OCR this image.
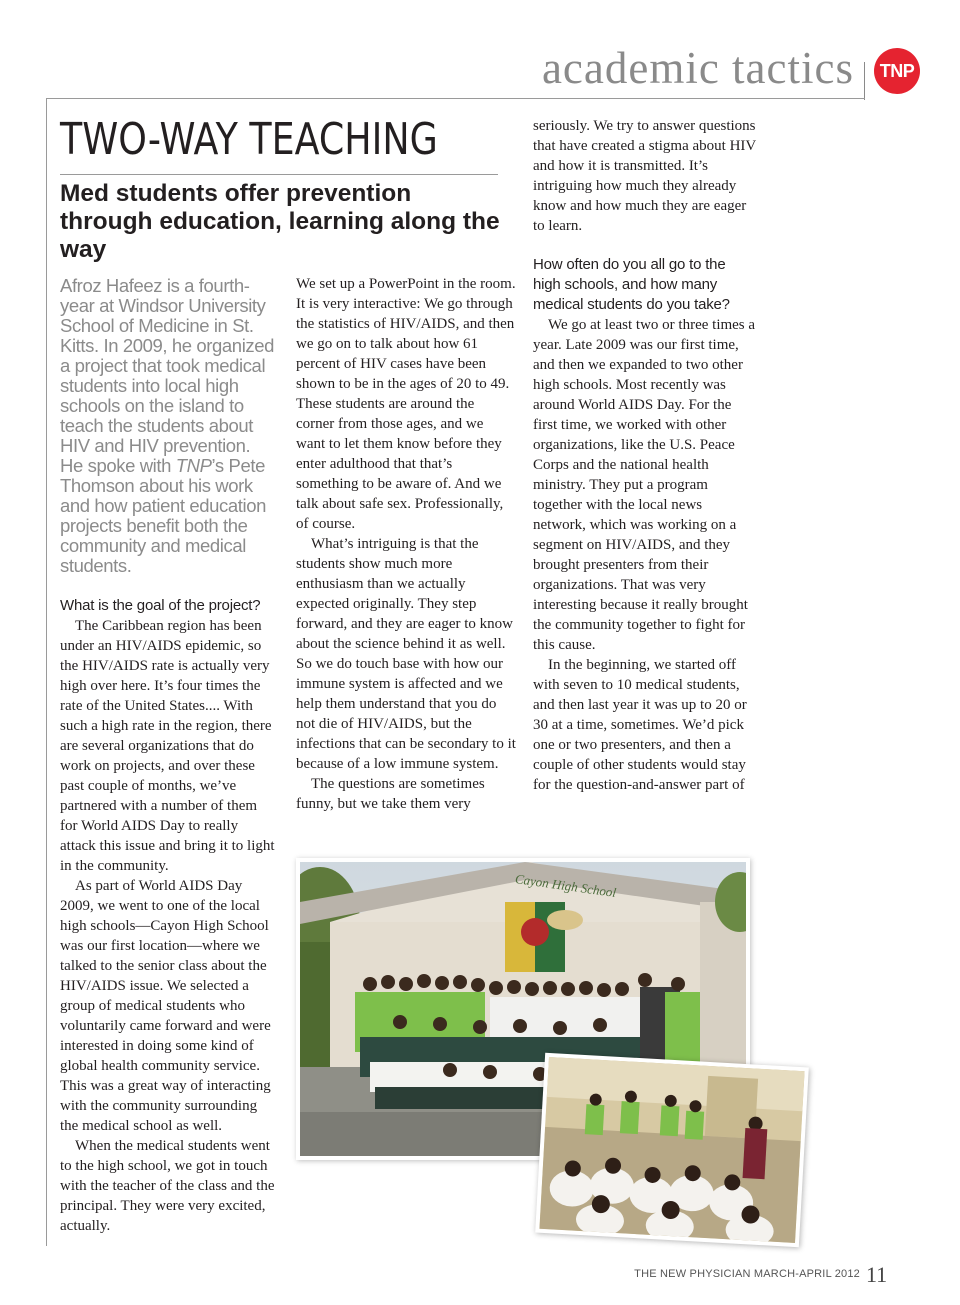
academic tactics	TNP
TWO-WAY TEACHING
Med students offer prevention through education, learning along the way

Afroz Hafeez is a fourth-year at Windsor University School of Medicine in St. Kitts. In 2009, he organized a project that took medical students into local high schools on the island to teach the students about HIV and HIV prevention. He spoke with TNP’s Pete Thomson about his work and how patient education projects benefit both the community and medical students.

What is the goal of the project?

The Caribbean region has been under an HIV/AIDS epidemic, so the HIV/AIDS rate is actually very high over here. It’s four times the rate of the United States.... With such a high rate in the region, there are several organizations that do work on projects, and over these past couple of months, we’ve partnered with a number of them for World AIDS Day to really attack this issue and bring it to light in the community.

As part of World AIDS Day 2009, we went to one of the local high schools—Cayon High School was our first location—where we talked to the senior class about the HIV/AIDS issue. We selected a group of medical students who voluntarily came forward and were interested in doing some kind of global health community service. This was a great way of interacting with the community surrounding the medical school as well.

When the medical students went to the high school, we got in touch with the teacher of the class and the principal. They were very excited, actually.

We set up a PowerPoint in the room. It is very interactive: We go through the statistics of HIV/AIDS, and then we go on to talk about how 61 percent of HIV cases have been shown to be in the ages of 20 to 49. These students are around the corner from those ages, and we want to let them know before they enter adulthood that that’s something to be aware of. And we talk about safe sex. Professionally, of course.

What’s intriguing is that the students show much more enthusiasm than we actually expected originally. They step forward, and they are eager to know about the science behind it as well. So we do touch base with how our immune system is affected and we help them understand that you do not die of HIV/AIDS, but the infections that can be secondary to it because of a low immune system.

The questions are sometimes funny, but we take them very

seriously. We try to answer questions that have created a stigma about HIV and how it is transmitted. It’s intriguing how much they already know and how much they are eager to learn.

How often do you all go to the high schools, and how many medical students do you take?

We go at least two or three times a year. Late 2009 was our first time, and then we expanded to two other high schools. Most recently was around World AIDS Day. For the first time, we worked with other organizations, like the U.S. Peace Corps and the national health ministry. They put a program together with the local news network, which was working on a segment on HIV/AIDS, and they brought presenters from their organizations. That was very interesting because it really brought the community together to fight for this cause.

In the beginning, we started off with seven to 10 medical students, and then last year it was up to 20 or 30 at a time, sometimes. We’d pick one or two presenters, and then a couple of other students would stay for the question-and-answer part of

Cayon High School
THE NEW PHYSICIAN MARCH-APRIL 2012 11
